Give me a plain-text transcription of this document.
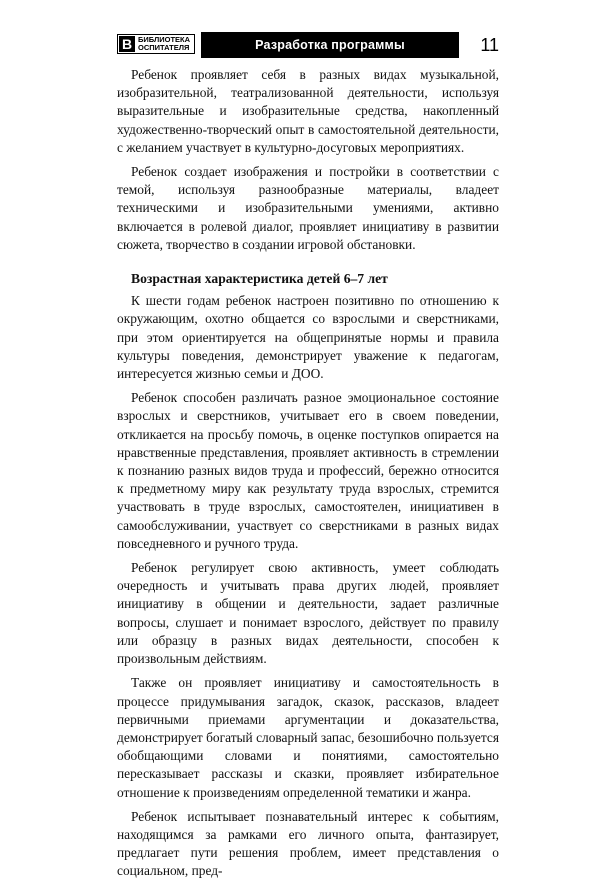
В БИБЛИОТЕКА
ОСПИТАТЕЛЯ	Разработка программы	11

Ребенок проявляет себя в разных видах музыкальной, изобразительной, театрализованной деятельности, используя выразительные и изобразительные средства, накопленный художественно-творческий опыт в самостоятельной деятельности, с желанием участвует в культурно-досуговых мероприятиях.

Ребенок создает изображения и постройки в соответствии с темой, используя разнообразные материалы, владеет техническими и изобразительными умениями, активно включается в ролевой диалог, проявляет инициативу в развитии сюжета, творчество в создании игровой обстановки.

Возрастная характеристика детей 6–7 лет

К шести годам ребенок настроен позитивно по отношению к окружающим, охотно общается со взрослыми и сверстниками, при этом ориентируется на общепринятые нормы и правила культуры поведения, демонстрирует уважение к педагогам, интересуется жизнью семьи и ДОО.

Ребенок способен различать разное эмоциональное состояние взрослых и сверстников, учитывает его в своем поведении, откликается на просьбу помочь, в оценке поступков опирается на нравственные представления, проявляет активность в стремлении к познанию разных видов труда и профессий, бережно относится к предметному миру как результату труда взрослых, стремится участвовать в труде взрослых, самостоятелен, инициативен в самообслуживании, участвует со сверстниками в разных видах повседневного и ручного труда.

Ребенок регулирует свою активность, умеет соблюдать очередность и учитывать права других людей, проявляет инициативу в общении и деятельности, задает различные вопросы, слушает и понимает взрослого, действует по правилу или образцу в разных видах деятельности, способен к произвольным действиям.

Также он проявляет инициативу и самостоятельность в процессе придумывания загадок, сказок, рассказов, владеет первичными приемами аргументации и доказательства, демонстрирует богатый словарный запас, безошибочно пользуется обобщающими словами и понятиями, самостоятельно пересказывает рассказы и сказки, проявляет избирательное отношение к произведениям определенной тематики и жанра.

Ребенок испытывает познавательный интерес к событиям, находящимся за рамками его личного опыта, фантазирует, предлагает пути решения проблем, имеет представления о социальном, пред-
